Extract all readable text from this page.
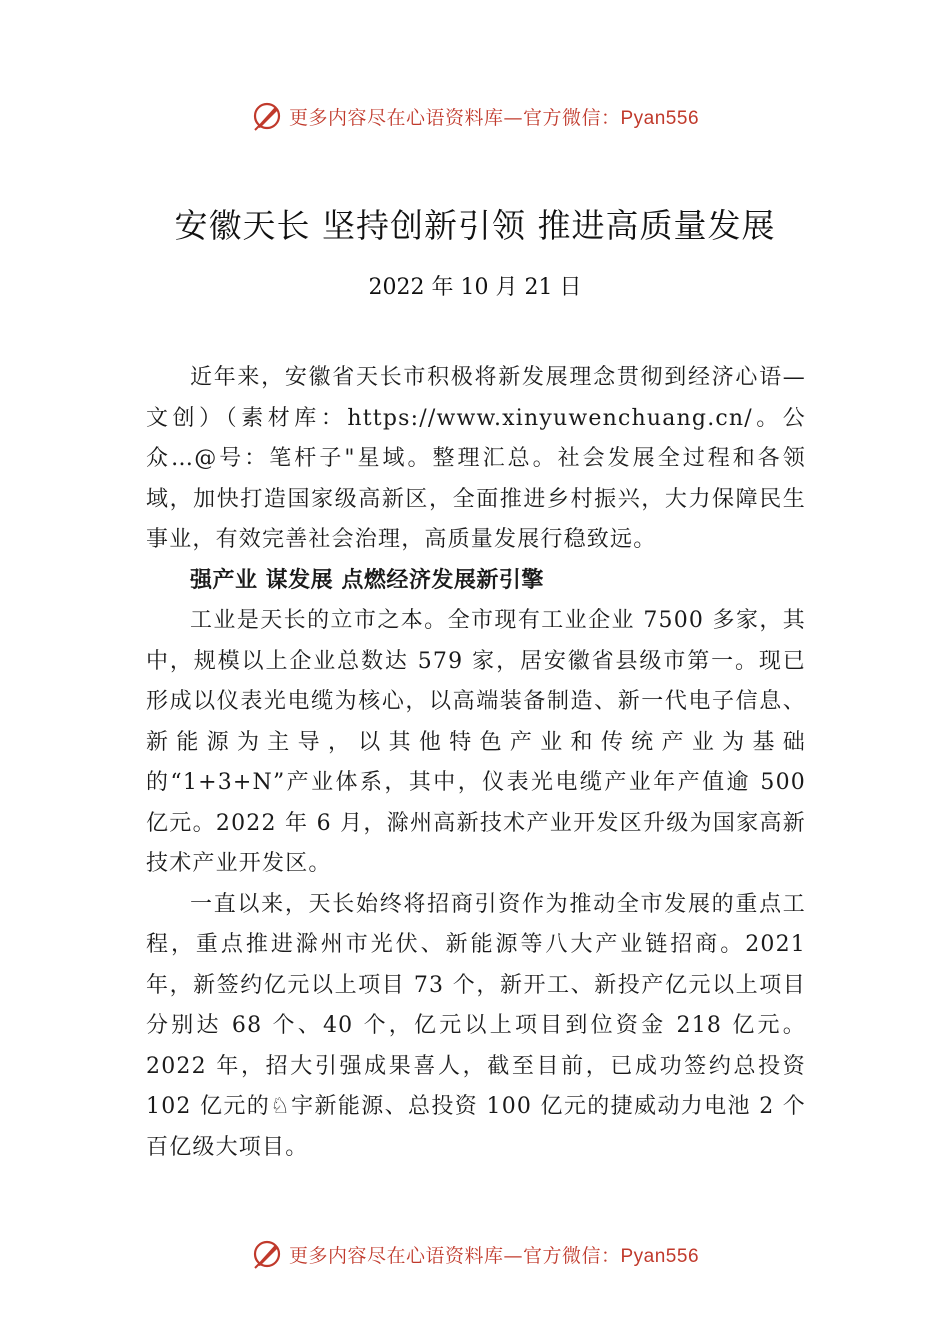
更多内容尽在心语资料库—官方微信：Pyan556
安徽天长 坚持创新引领 推进高质量发展
2022 年 10 月 21 日

近年来，安徽省天长市积极将新发展理念贯彻到经济心语—文创）（素材库：https://www.xinyuwenchuang.cn/。公众…@号：笔杆子"星域。整理汇总。社会发展全过程和各领域，加快打造国家级高新区，全面推进乡村振兴，大力保障民生事业，有效完善社会治理，高质量发展行稳致远。

强产业 谋发展 点燃经济发展新引擎

工业是天长的立市之本。全市现有工业企业 7500 多家，其中，规模以上企业总数达 579 家，居安徽省县级市第一。现已形成以仪表光电缆为核心，以高端装备制造、新一代电子信息、新能源为主导，以其他特色产业和传统产业为基础的“1+3+N”产业体系，其中，仪表光电缆产业年产值逾 500 亿元。2022 年 6 月，滁州高新技术产业开发区升级为国家高新技术产业开发区。

一直以来，天长始终将招商引资作为推动全市发展的重点工程，重点推进滁州市光伏、新能源等八大产业链招商。2021 年，新签约亿元以上项目 73 个，新开工、新投产亿元以上项目分别达 68 个、40 个，亿元以上项目到位资金 218 亿元。2022 年，招大引强成果喜人，截至目前，已成功签约总投资 102 亿元的♘宇新能源、总投资 100 亿元的捷威动力电池 2 个百亿级大项目。

更多内容尽在心语资料库—官方微信：Pyan556
